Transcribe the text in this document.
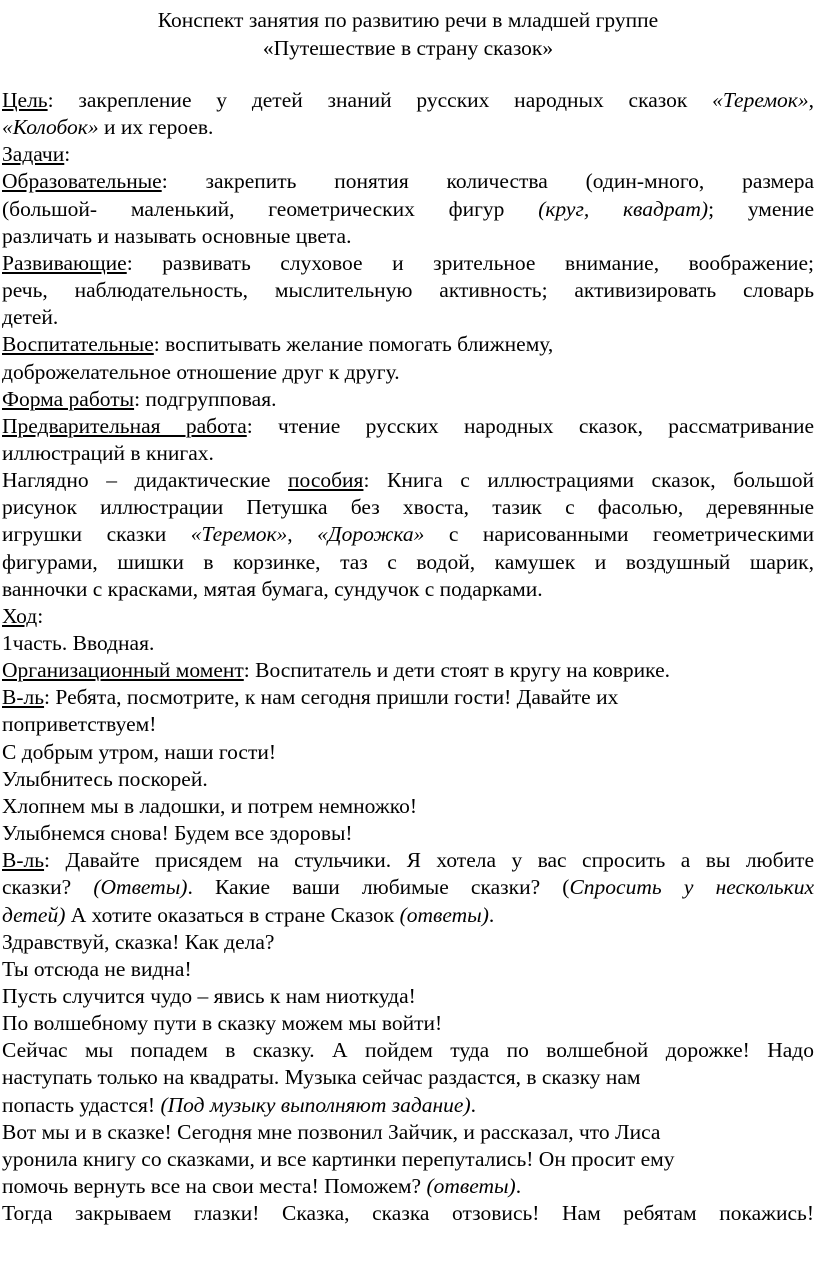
Конспект занятия по развитию речи в младшей группе
«Путешествие в страну сказок»
Цель: закрепление у детей знаний русских народных сказок «Теремок»,
«Колобок» и их героев.
Задачи:
Образовательные: закрепить понятия количества (один-много, размера
(большой- маленький, геометрических фигур (круг, квадрат); умение
различать и называть основные цвета.
Развивающие: развивать слуховое и зрительное внимание, воображение;
речь, наблюдательность, мыслительную активность; активизировать словарь
детей.
Воспитательные: воспитывать желание помогать ближнему,
доброжелательное отношение друг к другу.
Форма работы: подгрупповая.
Предварительная работа: чтение русских народных сказок, рассматривание
иллюстраций в книгах.
Наглядно – дидактические пособия: Книга с иллюстрациями сказок, большой
рисунок иллюстрации Петушка без хвоста, тазик с фасолью, деревянные
игрушки сказки «Теремок», «Дорожка» с нарисованными геометрическими
фигурами, шишки в корзинке, таз с водой, камушек и воздушный шарик,
ванночки с красками, мятая бумага, сундучок с подарками.
Ход:
1часть. Вводная.
Организационный момент: Воспитатель и дети стоят в кругу на коврике.
В-ль: Ребята, посмотрите, к нам сегодня пришли гости! Давайте их
поприветствуем!
С добрым утром, наши гости!
Улыбнитесь поскорей.
Хлопнем мы в ладошки, и потрем немножко!
Улыбнемся снова! Будем все здоровы!
В-ль: Давайте присядем на стульчики. Я хотела у вас спросить а вы любите
сказки? (Ответы). Какие ваши любимые сказки? (Спросить у нескольких
детей) А хотите оказаться в стране Сказок (ответы).
Здравствуй, сказка! Как дела?
Ты отсюда не видна!
Пусть случится чудо – явись к нам ниоткуда!
По волшебному пути в сказку можем мы войти!
Сейчас мы попадем в сказку. А пойдем туда по волшебной дорожке! Надо
наступать только на квадраты. Музыка сейчас раздастся, в сказку нам
попасть удастся! (Под музыку выполняют задание).
Вот мы и в сказке! Сегодня мне позвонил Зайчик, и рассказал, что Лиса
уронила книгу со сказками, и все картинки перепутались! Он просит ему
помочь вернуть все на свои места! Поможем? (ответы).
Тогда закрываем глазки! Сказка, сказка отзовись! Нам ребятам покажись!
